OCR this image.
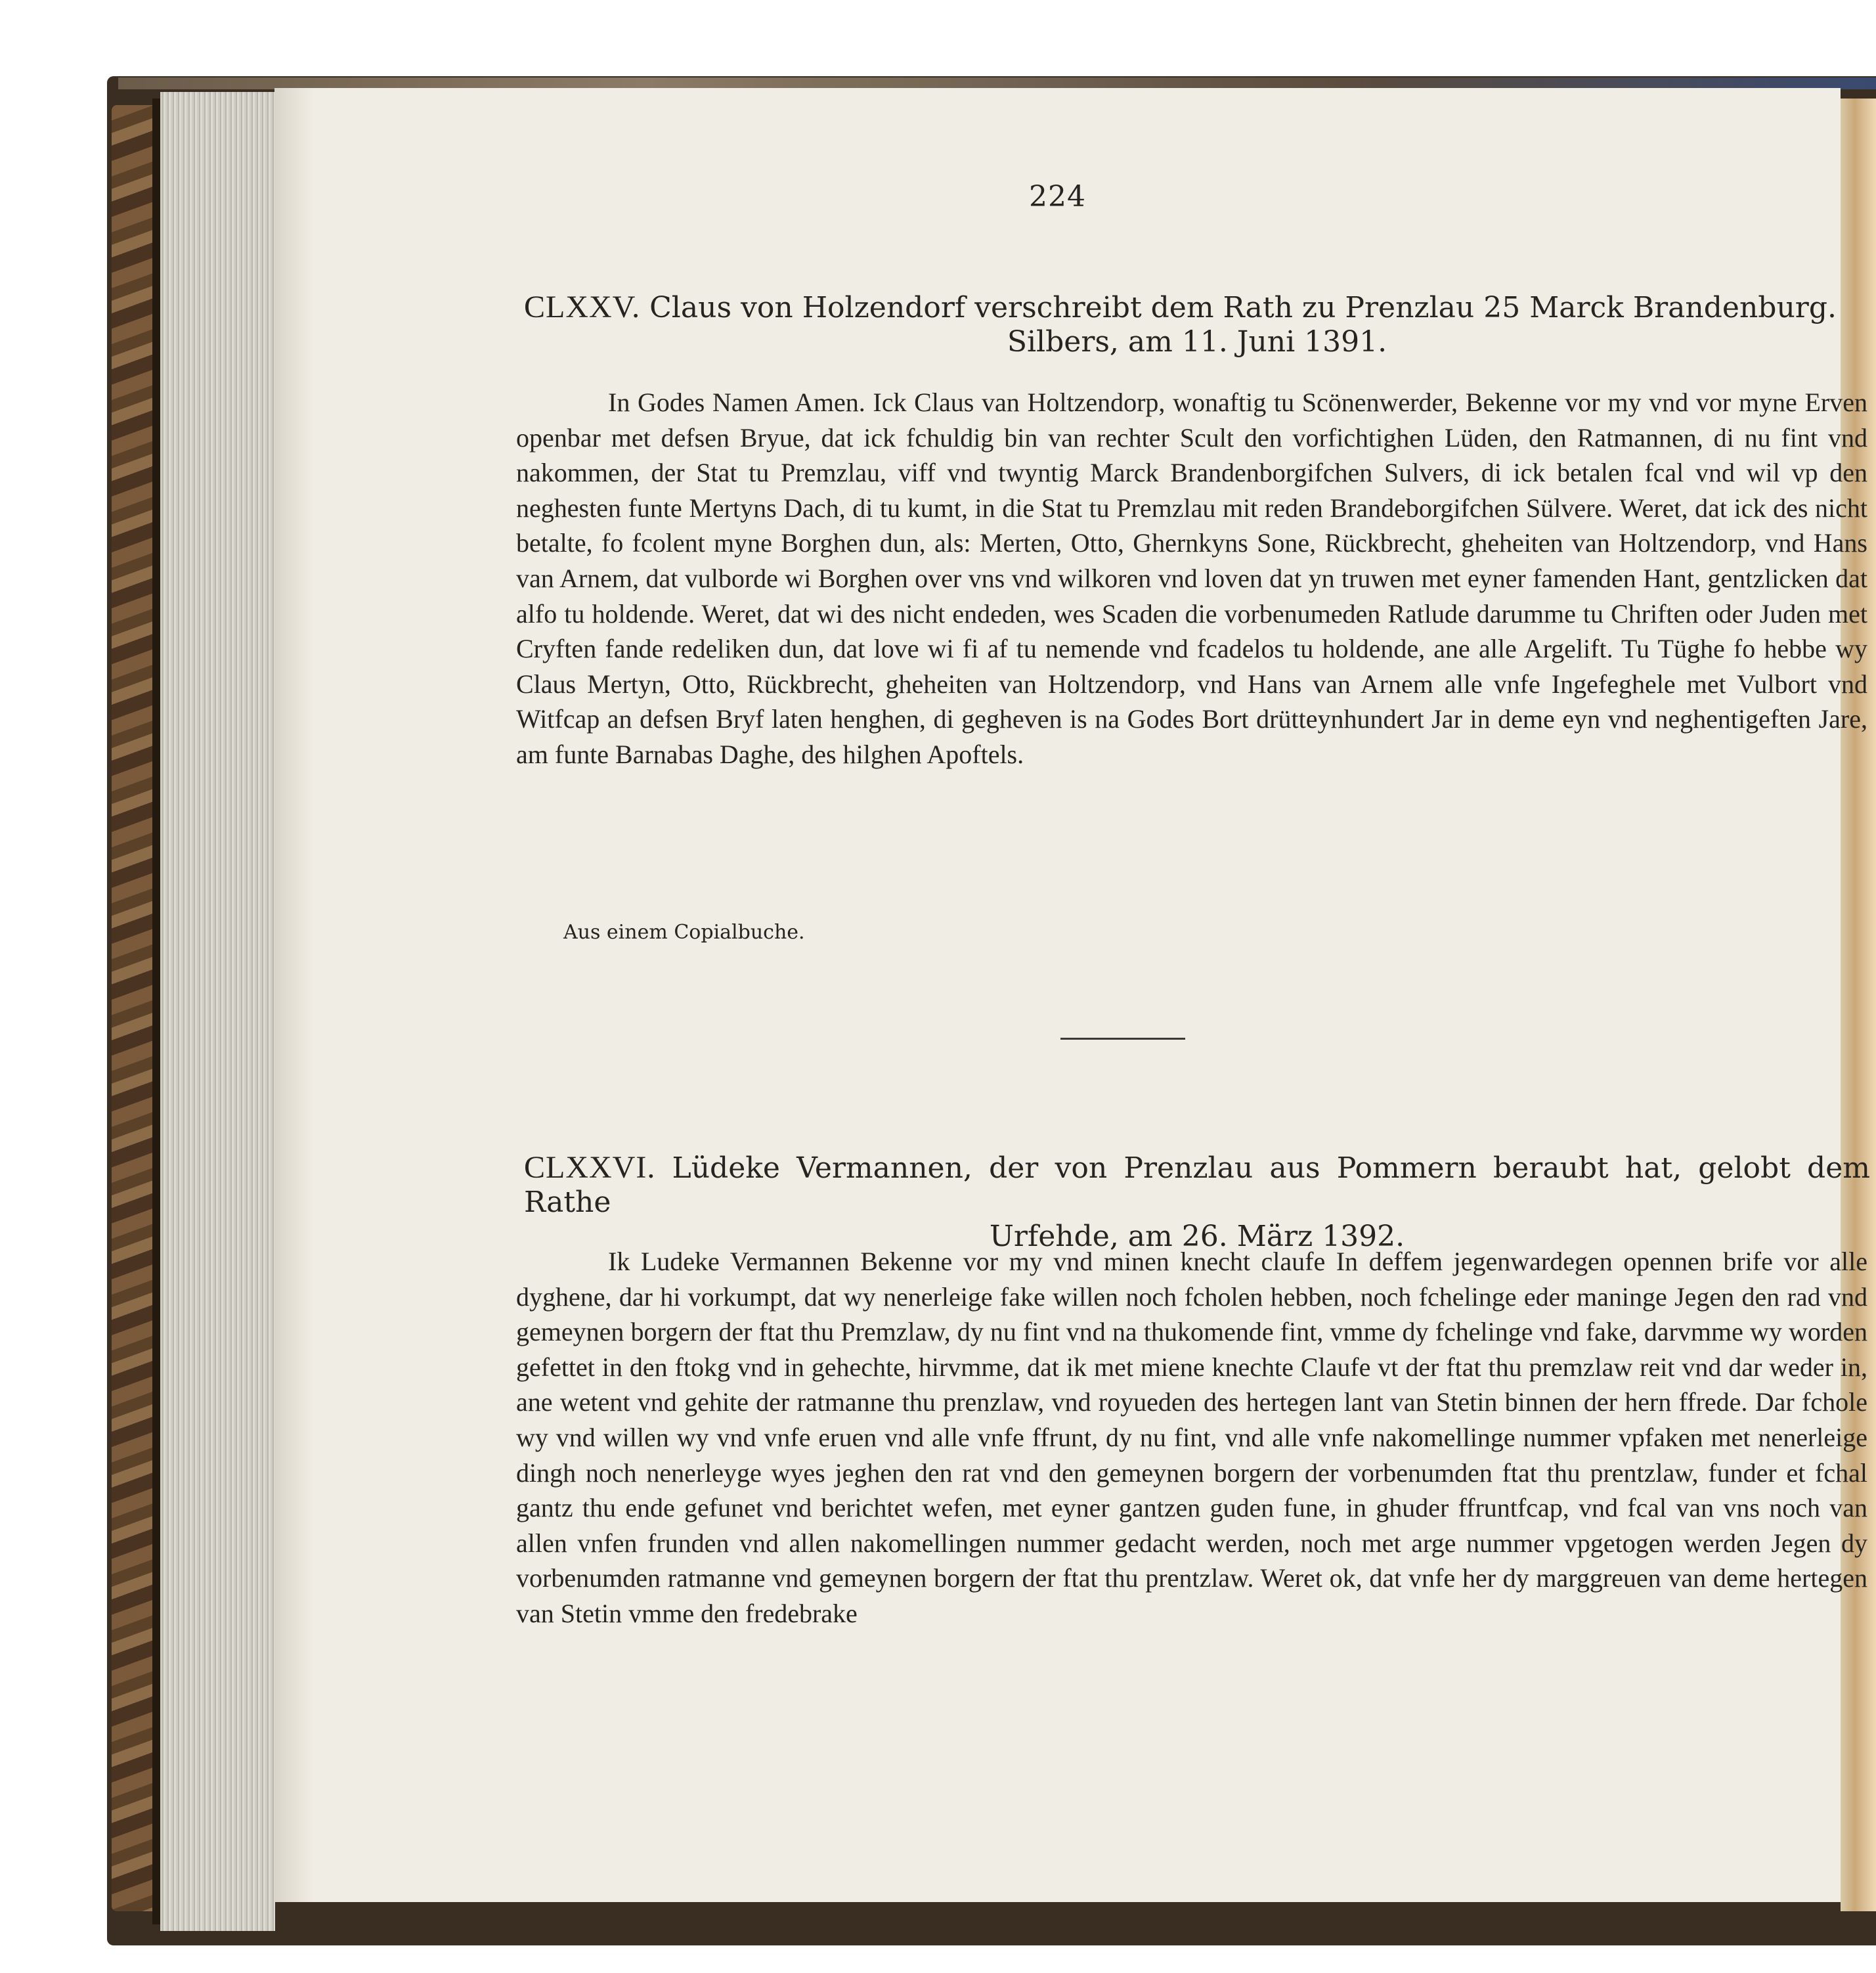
224
CLXXV. Claus von Holzendorf verschreibt dem Rath zu Prenzlau 25 Marck Brandenburg.
Silbers, am 11. Juni 1391.
In Godes Namen Amen. Ick Claus van Holtzendorp, wonaftig tu Scönenwerder, Bekenne vor my vnd vor myne Erven openbar met defsen Bryue, dat ick fchuldig bin van rechter Scult den vorfichtighen Lüden, den Ratmannen, di nu fint vnd nakommen, der Stat tu Premzlau, viff vnd twyntig Marck Brandenborgifchen Sulvers, di ick betalen fcal vnd wil vp den neghesten funte Mertyns Dach, di tu kumt, in die Stat tu Premzlau mit reden Brandeborgifchen Sülvere. Weret, dat ick des nicht betalte, fo fcolent myne Borghen dun, als: Merten, Otto, Ghernkyns Sone, Rückbrecht, gheheiten van Holtzendorp, vnd Hans van Arnem, dat vulborde wi Borghen over vns vnd wilkoren vnd loven dat yn truwen met eyner famenden Hant, gentzlicken dat alfo tu holdende. Weret, dat wi des nicht endeden, wes Scaden die vorbenumeden Ratlude darumme tu Chriften oder Juden met Cryften fande redeliken dun, dat love wi fi af tu nemende vnd fcadelos tu holdende, ane alle Argelift. Tu Tüghe fo hebbe wy Claus Mertyn, Otto, Rückbrecht, gheheiten van Holtzendorp, vnd Hans van Arnem alle vnfe Ingefeghele met Vulbort vnd Witfcap an defsen Bryf laten henghen, di gegheven is na Godes Bort drütteynhundert Jar in deme eyn vnd neghentigeften Jare, am funte Barnabas Daghe, des hilghen Apoftels.
Aus einem Copialbuche.
CLXXVI. Lüdeke Vermannen, der von Prenzlau aus Pommern beraubt hat, gelobt dem Rathe
Urfehde, am 26. März 1392.
Ik Ludeke Vermannen Bekenne vor my vnd minen knecht claufe In deffem jegenwardegen opennen brife vor alle dyghene, dar hi vorkumpt, dat wy nenerleige fake willen noch fcholen hebben, noch fchelinge eder maninge Jegen den rad vnd gemeynen borgern der ftat thu Premzlaw, dy nu fint vnd na thukomende fint, vmme dy fchelinge vnd fake, darvmme wy worden gefettet in den ftokg vnd in gehechte, hirvmme, dat ik met miene knechte Claufe vt der ftat thu premzlaw reit vnd dar weder in, ane wetent vnd gehite der ratmanne thu prenzlaw, vnd royueden des hertegen lant van Stetin binnen der hern ffrede. Dar fchole wy vnd willen wy vnd vnfe eruen vnd alle vnfe ffrunt, dy nu fint, vnd alle vnfe nakomellinge nummer vpfaken met nenerleige dingh noch nenerleyge wyes jeghen den rat vnd den gemeynen borgern der vorbenumden ftat thu prentzlaw, funder et fchal gantz thu ende gefunet vnd berichtet wefen, met eyner gantzen guden fune, in ghuder ffruntfcap, vnd fcal van vns noch van allen vnfen frunden vnd allen nakomellingen nummer gedacht werden, noch met arge nummer vpgetogen werden Jegen dy vorbenumden ratmanne vnd gemeynen borgern der ftat thu prentzlaw. Weret ok, dat vnfe her dy marggreuen van deme hertegen van Stetin vmme den fredebrake
